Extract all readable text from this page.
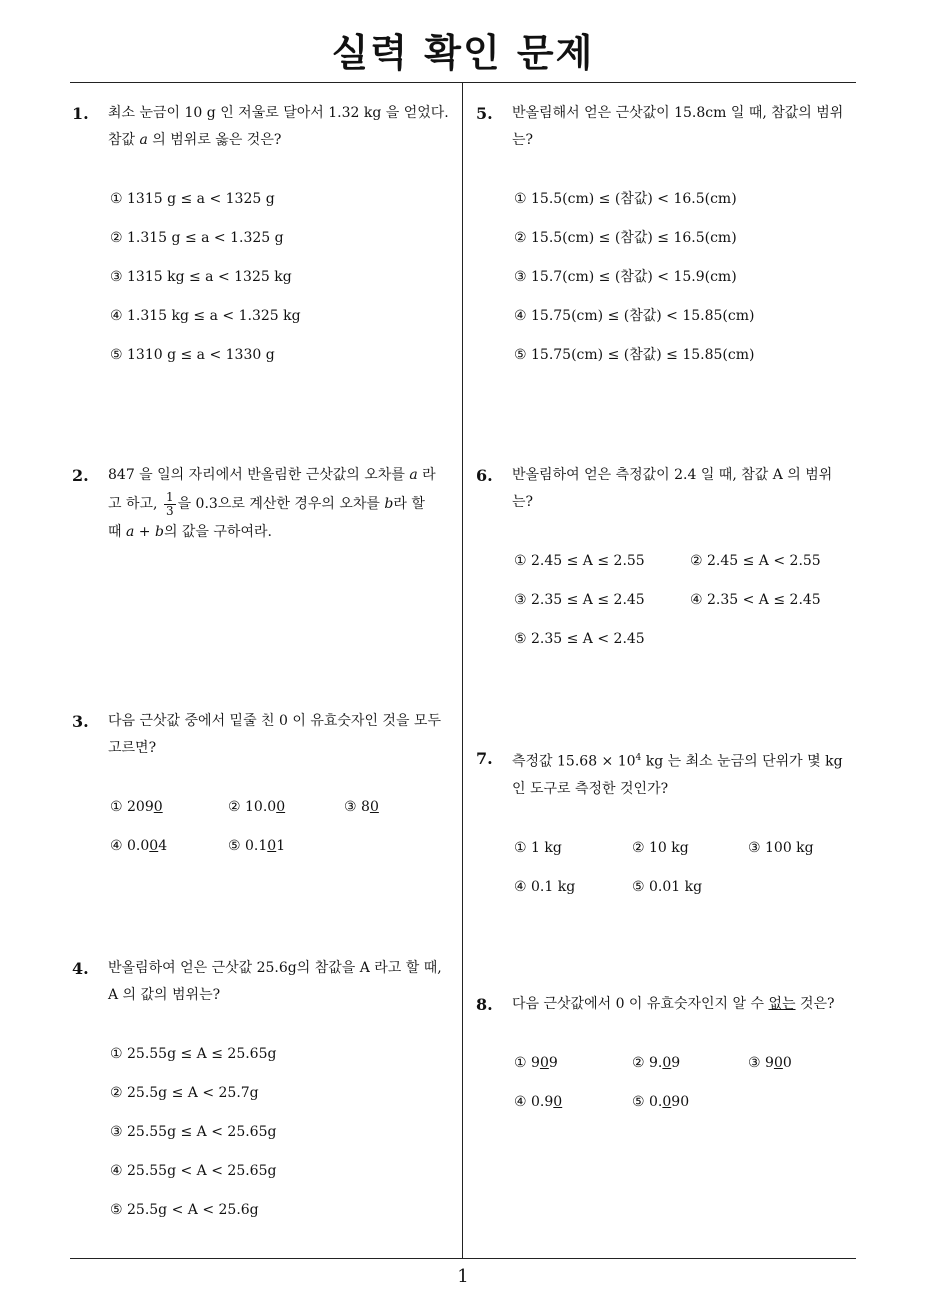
실력 확인 문제
1
1. 최소 눈금이 10 g 인 저울로 달아서 1.32 kg 을 얻었다.
참값 a 의 범위로 옳은 것은?
① 1315 g ≤ a < 1325 g
② 1.315 g ≤ a < 1.325 g
③ 1315 kg ≤ a < 1325 kg
④ 1.315 kg ≤ a < 1.325 kg
⑤ 1310 g ≤ a < 1330 g
2. 847 을 일의 자리에서 반올림한 근삿값의 오차를 a 라
고 하고, $\frac{1}{3}$ 을 0.3으로 계산한 경우의 오차를 b라 할
때 a + b의 값을 구하여라.
3. 다음 근삿값 중에서 밑줄 친 0 이 유효숫자인 것을 모두
고르면?
① 2090	② 10.00	③ 80
④ 0.004	⑤ 0.101
4. 반올림하여 얻은 근삿값 25.6g의 참값을 A 라고 할 때,
A 의 값의 범위는?
① 25.55g ≤ A ≤ 25.65g
② 25.5g ≤ A < 25.7g
③ 25.55g ≤ A < 25.65g
④ 25.55g < A < 25.65g
⑤ 25.5g < A < 25.6g
5. 반올림해서 얻은 근삿값이 15.8cm 일 때, 참값의 범위
는?
① 15.5(cm) ≤ (참값) < 16.5(cm)
② 15.5(cm) ≤ (참값) ≤ 16.5(cm)
③ 15.7(cm) ≤ (참값) < 15.9(cm)
④ 15.75(cm) ≤ (참값) < 15.85(cm)
⑤ 15.75(cm) ≤ (참값) ≤ 15.85(cm)
6. 반올림하여 얻은 측정값이 2.4 일 때, 참값 A 의 범위
는?
① 2.45 ≤ A ≤ 2.55	② 2.45 ≤ A < 2.55
③ 2.35 ≤ A ≤ 2.45	④ 2.35 < A ≤ 2.45
⑤ 2.35 ≤ A < 2.45
7. 측정값 $15.68 \times 10^4$ kg 는 최소 눈금의 단위가 몇 kg
인 도구로 측정한 것인가?
① 1 kg	② 10 kg	③ 100 kg
④ 0.1 kg	⑤ 0.01 kg
8. 다음 근삿값에서 0 이 유효숫자인지 알 수 없는 것은?
① 909	② 9.09	③ 900
④ 0.90	⑤ 0.090
